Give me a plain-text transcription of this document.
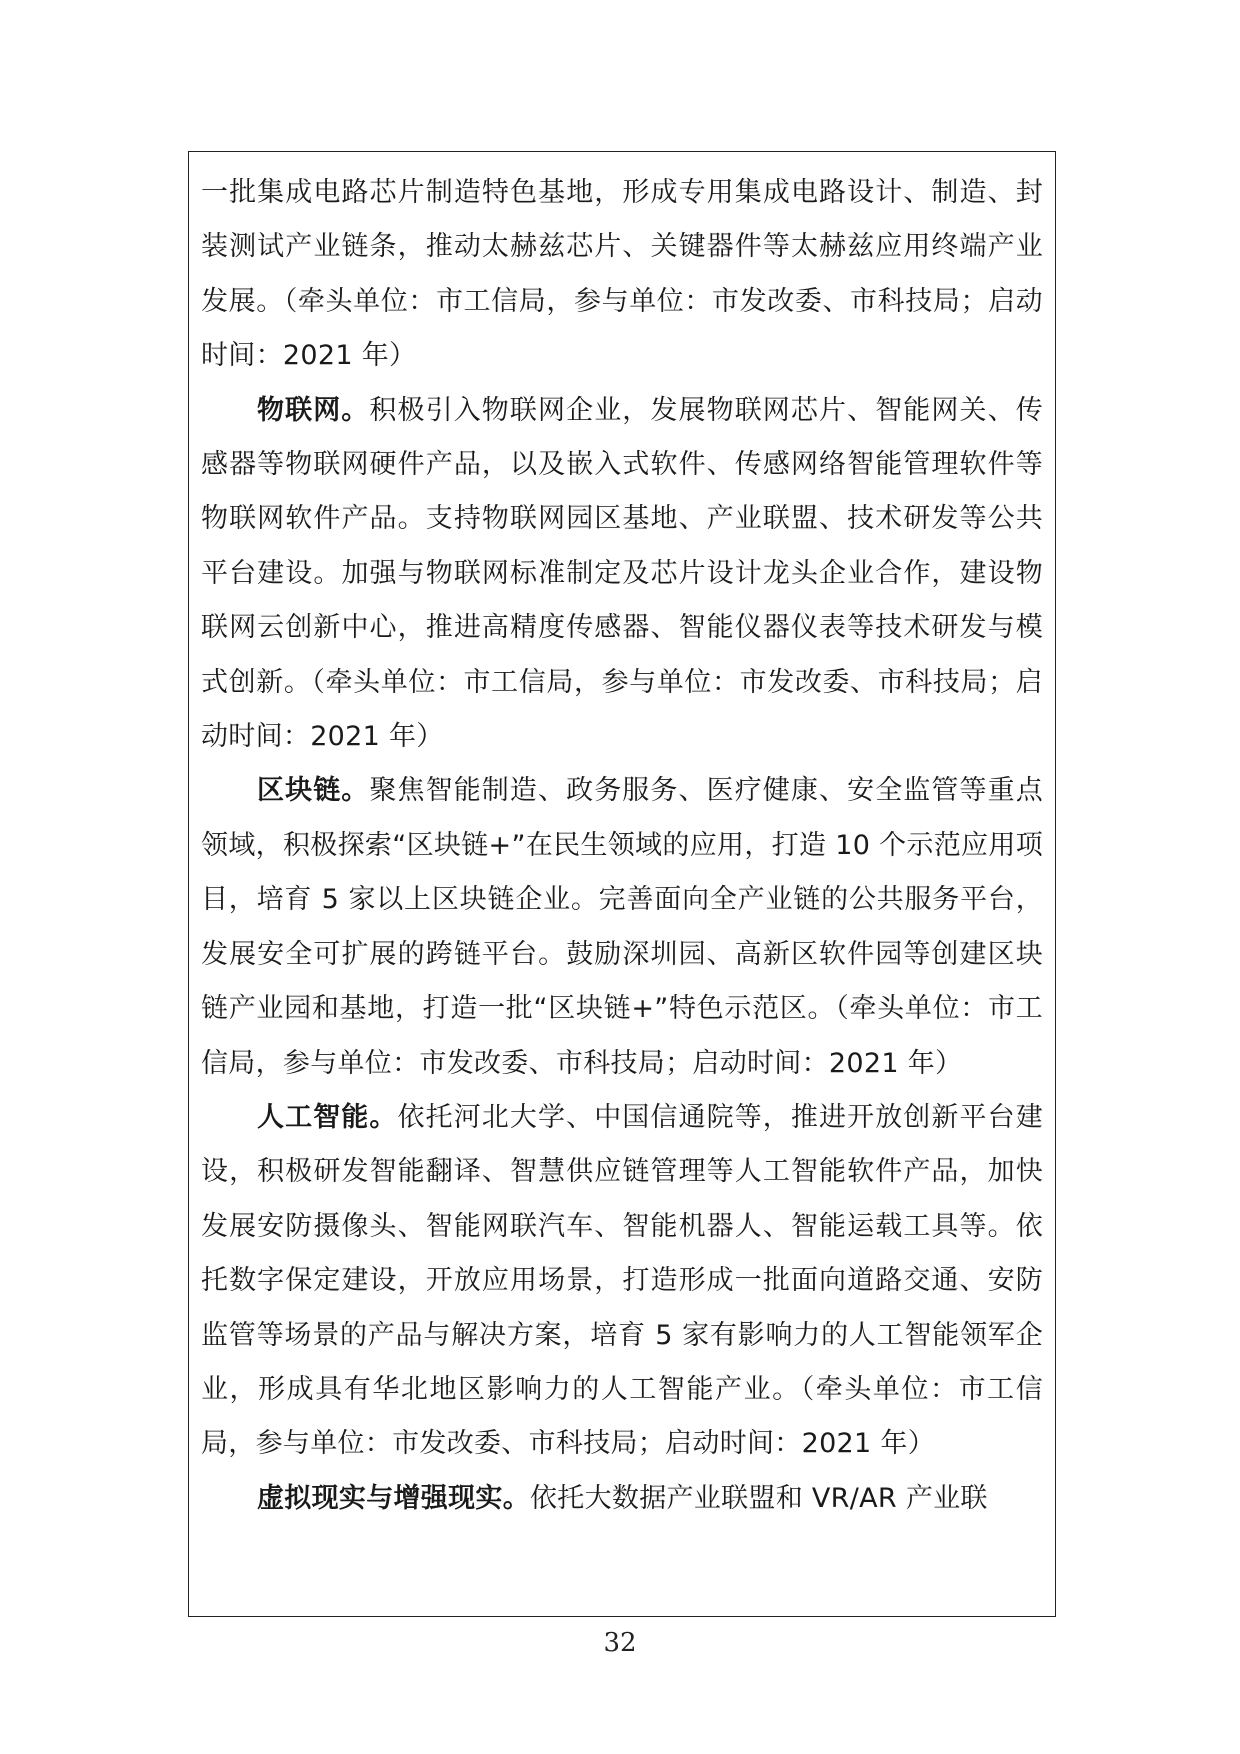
一批集成电路芯片制造特色基地，形成专用集成电路设计、制造、封装测试产业链条，推动太赫兹芯片、关键器件等太赫兹应用终端产业发展。（牵头单位：市工信局，参与单位：市发改委、市科技局；启动时间：2021 年）

物联网。积极引入物联网企业，发展物联网芯片、智能网关、传感器等物联网硬件产品，以及嵌入式软件、传感网络智能管理软件等物联网软件产品。支持物联网园区基地、产业联盟、技术研发等公共平台建设。加强与物联网标准制定及芯片设计龙头企业合作，建设物联网云创新中心，推进高精度传感器、智能仪器仪表等技术研发与模式创新。（牵头单位：市工信局，参与单位：市发改委、市科技局；启动时间：2021 年）

区块链。聚焦智能制造、政务服务、医疗健康、安全监管等重点领域，积极探索“区块链+”在民生领域的应用，打造 10 个示范应用项目，培育 5 家以上区块链企业。完善面向全产业链的公共服务平台，发展安全可扩展的跨链平台。鼓励深圳园、高新区软件园等创建区块链产业园和基地，打造一批“区块链+”特色示范区。（牵头单位：市工信局，参与单位：市发改委、市科技局；启动时间：2021 年）

人工智能。依托河北大学、中国信通院等，推进开放创新平台建设，积极研发智能翻译、智慧供应链管理等人工智能软件产品，加快发展安防摄像头、智能网联汽车、智能机器人、智能运载工具等。依托数字保定建设，开放应用场景，打造形成一批面向道路交通、安防监管等场景的产品与解决方案，培育 5 家有影响力的人工智能领军企业，形成具有华北地区影响力的人工智能产业。（牵头单位：市工信局，参与单位：市发改委、市科技局；启动时间：2021 年）

虚拟现实与增强现实。依托大数据产业联盟和 VR/AR 产业联

32
